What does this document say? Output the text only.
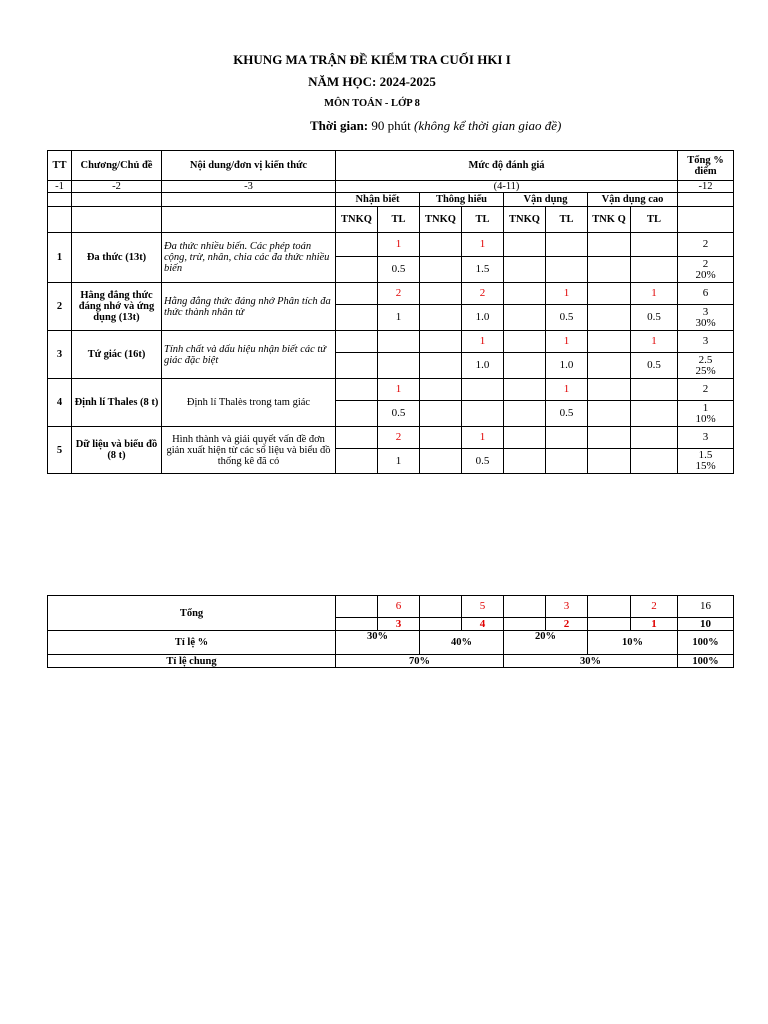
KHUNG MA TRẬN ĐỀ KIỂM TRA CUỐI HKI I
NĂM HỌC: 2024-2025
MÔN TOÁN - LỚP 8
Thời gian: 90 phút (không kể thời gian giao đề)
TT	Chương/Chủ đề	Nội dung/đơn vị kiến thức	Mức độ đánh giá								Tổng % điểm
-1	-2	-3	(4-11)								-12
			Nhận biết		Thông hiểu		Vận dụng		Vận dụng cao		
			TNKQ	TL	TNKQ	TL	TNKQ	TL	TNK Q	TL	
1	Đa thức (13t)	Đa thức nhiều biến. Các phép toán cộng, trừ, nhân, chia các đa thức nhiều biến		1		1					2
				0.5		1.5					2
20%
2	Hằng đẳng thức đáng nhớ và ứng dụng (13t)	Hằng đẳng thức đáng nhớ Phân tích đa thức thành nhân tử		2		2		1		1	6
				1		1.0		0.5		0.5	3
30%
3	Tứ giác (16t)	Tính chất và dấu hiệu nhận biết các tứ giác đặc biệt				1		1		1	3
						1.0		1.0		0.5	2.5
25%
4	Định lí Thales (8 t)	Định lí Thalès trong tam giác		1				1			2
				0.5				0.5			1
10%
5	Dữ liệu và biểu đồ (8 t)	Hình thành và giải quyết vấn đề đơn giản xuất hiện từ các số liệu và biểu đồ thống kê đã có		2		1					3
				1		0.5					1.5
15%
Tổng		6		5		3		2	16
		3		4		2		1	10
Tỉ lệ %	30%		40%		20%		10%		100%
Tỉ lệ chung	70%				30%				100%
